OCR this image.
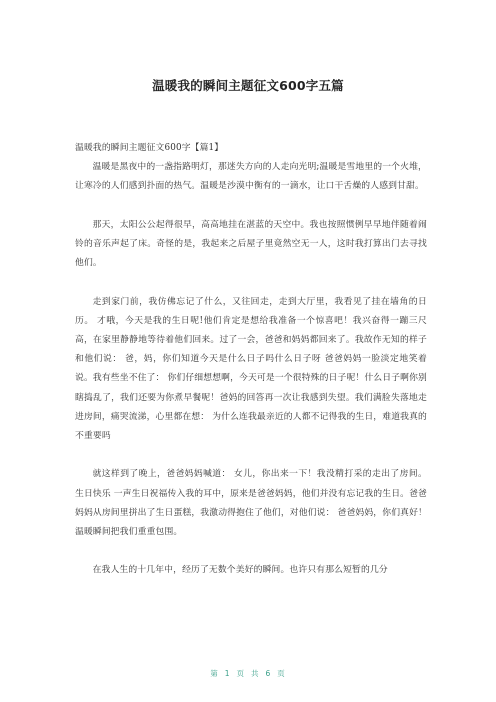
温暖我的瞬间主题征文600字五篇

温暖我的瞬间主题征文600字【篇1】

温暖是黑夜中的一盏指路明灯，那迷失方向的人走向光明;温暖是雪地里的一个火堆，让寒冷的人们感到扑面的热气。温暖是沙漠中衡有的一滴水，让口干舌燥的人感到甘甜。

那天，太阳公公起得很早，高高地挂在湛蓝的天空中。我也按照惯例早早地伴随着闹铃的音乐声起了床。奇怪的是，我起来之后屋子里竟然空无一人，这时我打算出门去寻找他们。

走到家门前，我仿佛忘记了什么，又往回走，走到大厅里，我看见了挂在墙角的日历。 才哦，今天是我的生日呢!他们肯定是想给我准备一个惊喜吧！我兴奋得一蹦三尺高，在家里静静地等待着他们回来。过了一会，爸爸和妈妈都回来了。我故作无知的样子和他们说： 爸，妈，你们知道今天是什么日子吗什么日子呀 爸爸妈妈一脸淡定地笑着说。我有些坐不住了： 你们仔细想想啊，今天可是一个很特殊的日子呢！什么日子啊你别瞎捣乱了，我们还要为你煮早餐呢！爸妈的回答再一次让我感到失望。我们满脸失落地走进房间，痛哭流涕，心里都在想： 为什么连我最亲近的人都不记得我的生日，难道我真的不重要吗

就这样到了晚上，爸爸妈妈喊道： 女儿，你出来一下！我没精打采的走出了房间。 生日快乐 一声生日祝福传入我的耳中，原来是爸爸妈妈，他们并没有忘记我的生日。爸爸妈妈从房间里拼出了生日蛋糕，我激动得抱住了他们，对他们说： 爸爸妈妈，你们真好！温暖瞬间把我们重重包围。

在我人生的十几年中，经历了无数个美好的瞬间。也许只有那么短暂的几分

第 1 页 共 6 页
